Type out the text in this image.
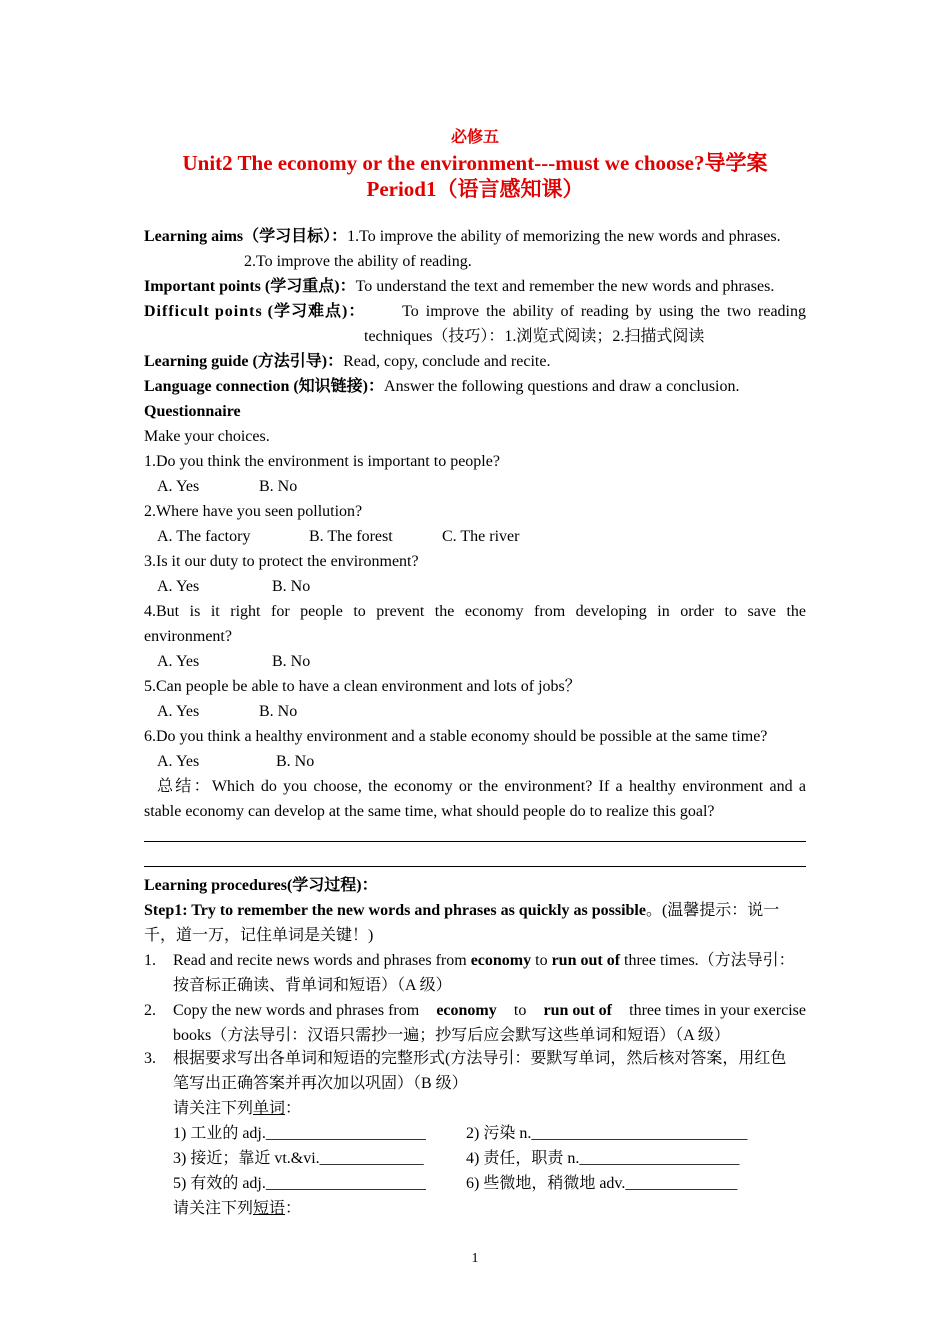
必修五
Unit2 The economy or the environment---must we choose?导学案
Period1（语言感知课）
Learning aims（学习目标）：1.To improve the ability of memorizing the new words and phrases.
2.To improve the ability of reading.
Important points (学习重点)：To understand the text and remember the new words and phrases.
Difficult points (学习难点)： To improve the ability of reading by using the two reading
techniques（技巧）：1.浏览式阅读；2.扫描式阅读
Learning guide (方法引导)：Read, copy, conclude and recite.
Language connection (知识链接)：Answer the following questions and draw a conclusion.
Questionnaire
Make your choices.
1.Do you think the environment is important to people?
A. Yes	B. No
2.Where have you seen pollution?
A. The factory	B. The forest	C. The river
3.Is it our duty to protect the environment?
A. Yes	B. No
4.But is it right for people to prevent the economy from developing in order to save the
environment?
A. Yes	B. No
5.Can people be able to have a clean environment and lots of jobs？
A. Yes	B. No
6.Do you think a healthy environment and a stable economy should be possible at the same time?
A. Yes	B. No
总结：Which do you choose, the economy or the environment? If a healthy environment and a
stable economy can develop at the same time, what should people do to realize this goal?
Learning procedures(学习过程)：
Step1: Try to remember the new words and phrases as quickly as possible。(温馨提示：说一
千，道一万，记住单词是关键！)
1. Read and recite news words and phrases from economy to run out of three times.（方法导引：
按音标正确读、背单词和短语）（A 级）
2. Copy the new words and phrases from economy to run out of three times in your exercise
books（方法导引：汉语只需抄一遍；抄写后应会默写这些单词和短语）（A 级）
3. 根据要求写出各单词和短语的完整形式(方法导引：要默写单词，然后核对答案，用红色
笔写出正确答案并再次加以巩固）（B 级）
请关注下列单词：
1) 工业的 adj.____________________	2) 污染 n.___________________________
3) 接近；靠近 vt.&vi._____________	4) 责任，职责 n.____________________
5) 有效的 adj.____________________	6) 些微地，稍微地 adv.______________
请关注下列短语：
1
